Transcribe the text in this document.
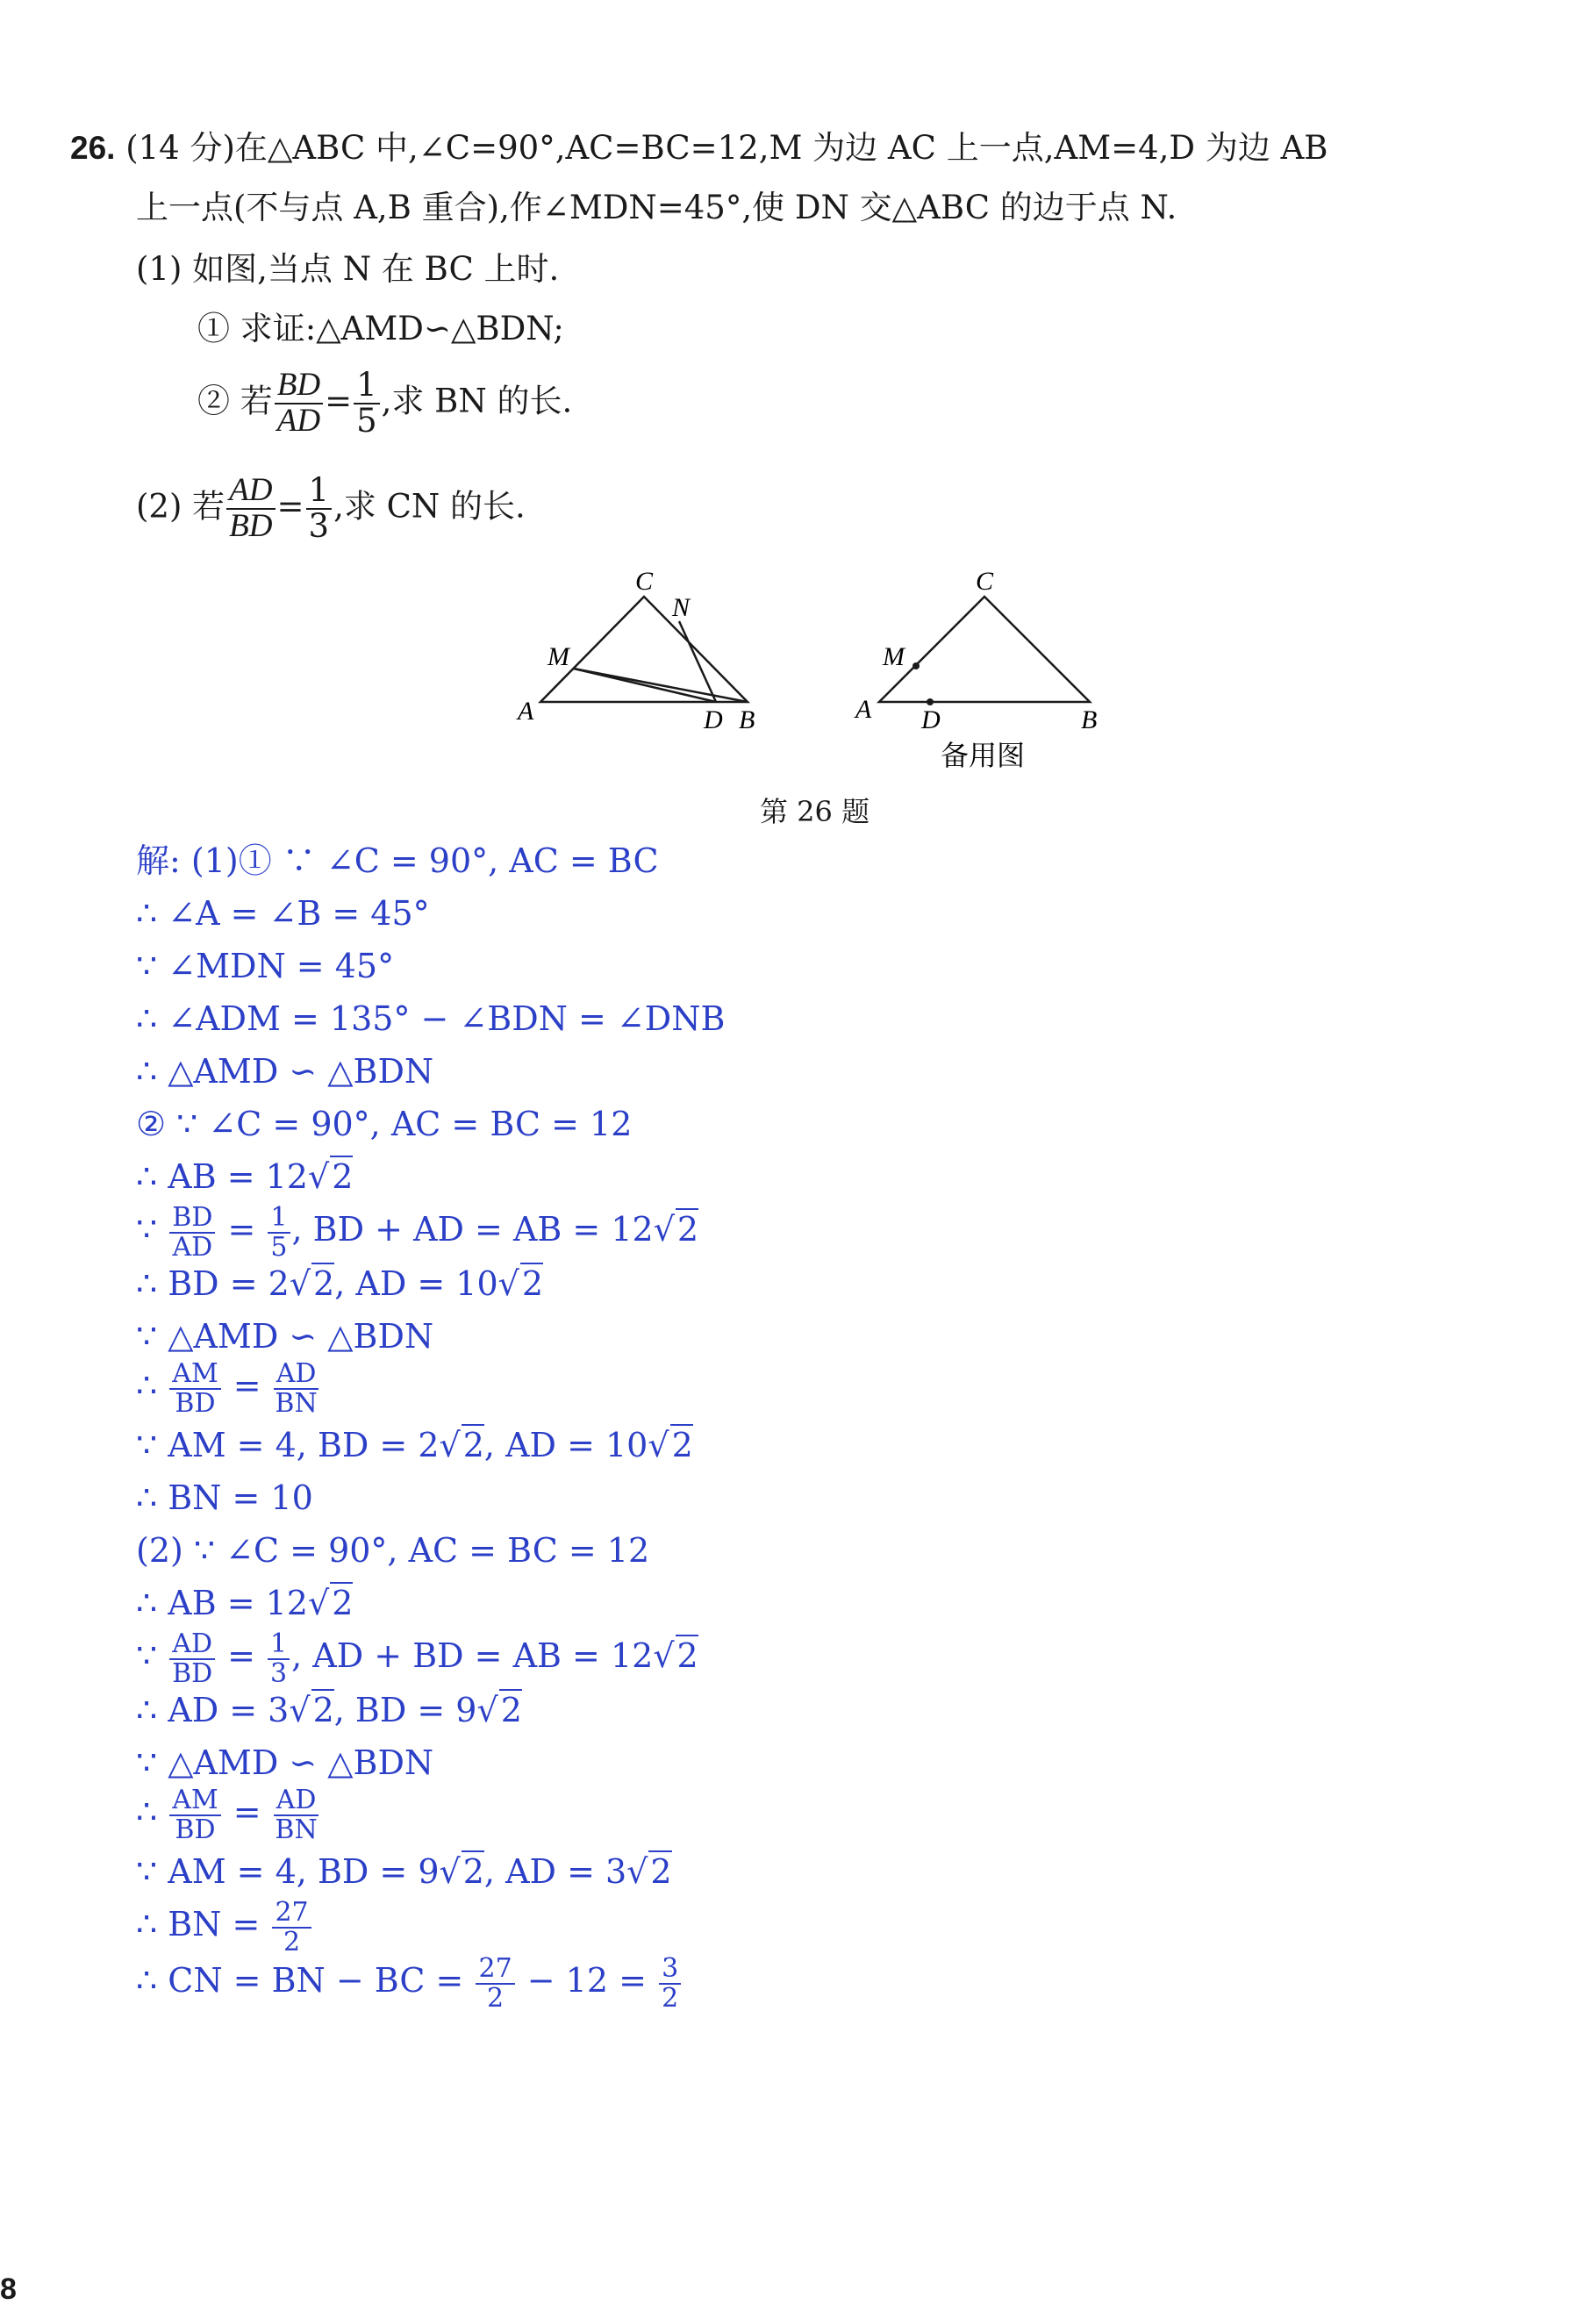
26. (14 分)在△ABC 中,∠C=90°,AC=BC=12,M 为边 AC 上一点,AM=4,D 为边 AB
上一点(不与点 A,B 重合),作∠MDN=45°,使 DN 交△ABC 的边于点 N.
(1) 如图,当点 N 在 BC 上时.
① 求证:△AMD∽△BDN;
② 若 $\frac{BD}{AD} = \frac{1}{5}$ ,求 BN 的长.
(2) 若 $\frac{AD}{BD} = \frac{1}{3}$ ,求 CN 的长.
A	B
C
M
D
N
A	B
C
M
D
备用图
第 26 题
解: (1)① ∵ ∠C = 90°, AC = BC
∴ ∠A = ∠B = 45°
∵ ∠MDN = 45°
∴ ∠ADM = 135° − ∠BDN = ∠DNB
∴ △AMD ∽ △BDN
② ∵ ∠C = 90°, AC = BC = 12
∴ AB = 12√2
∵ $\frac{BD}{AD} = \frac{1}{5}$ , BD + AD = AB = 12√2
∴ BD = 2√2, AD = 10√2
∵ △AMD ∽ △BDN
∴ $\frac{AM}{BD} = \frac{AD}{BN}$
∵ AM = 4, BD = 2√2, AD = 10√2
∴ BN = 10
(2) ∵ ∠C = 90°, AC = BC = 12
∴ AB = 12√2
∵ $\frac{AD}{BD} = \frac{1}{3}$ , AD + BD = AB = 12√2
∴ AD = 3√2, BD = 9√2
∵ △AMD ∽ △BDN
∴ $\frac{AM}{BD} = \frac{AD}{BN}$
∵ AM = 4, BD = 9√2, AD = 3√2
∴ BN = $\frac{27}{2}$
∴ CN = BN − BC = $\frac{27}{2} - 12 = \frac{3}{2}$
8
